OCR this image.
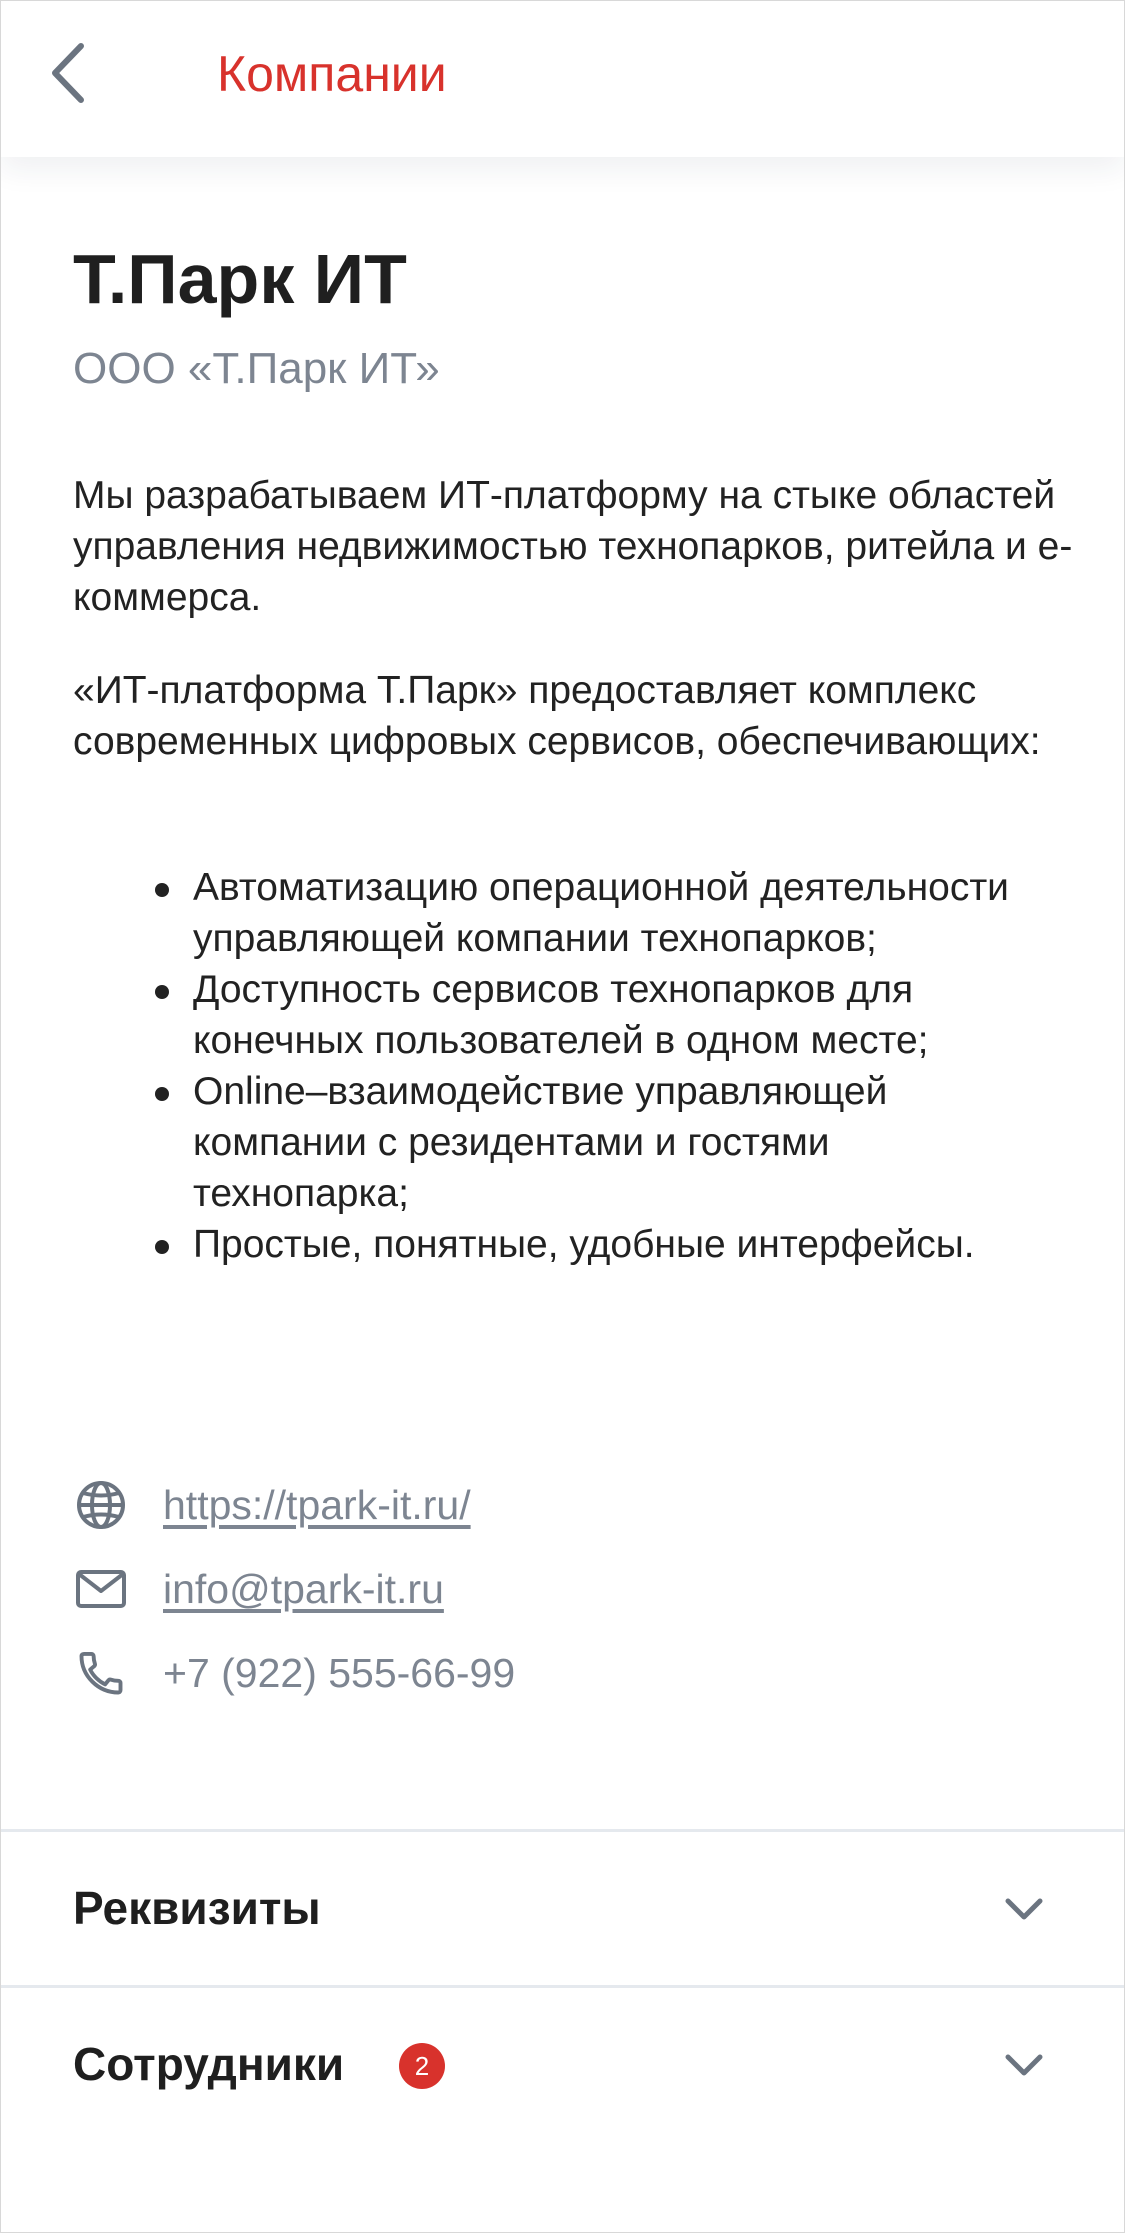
Компании
Т.Парк ИТ
ООО «Т.Парк ИТ»

Мы разрабатываем ИТ-платформу на стыке областей управления недвижимостью технопарков, ритейла и e-коммерса.

«ИТ-платформа Т.Парк» предоставляет комплекс современных цифровых сервисов, обеспечивающих:

Автоматизацию операционной деятельности управляющей компании технопарков;
Доступность сервисов технопарков для конечных пользователей в одном месте;
Online–взаимодействие управляющей компании с резидентами и гостями технопарка;
Простые, понятные, удобные интерфейсы.
https://tpark-it.ru/
info@tpark-it.ru
+7 (922) 555-66-99
Реквизиты
Сотрудники	2
